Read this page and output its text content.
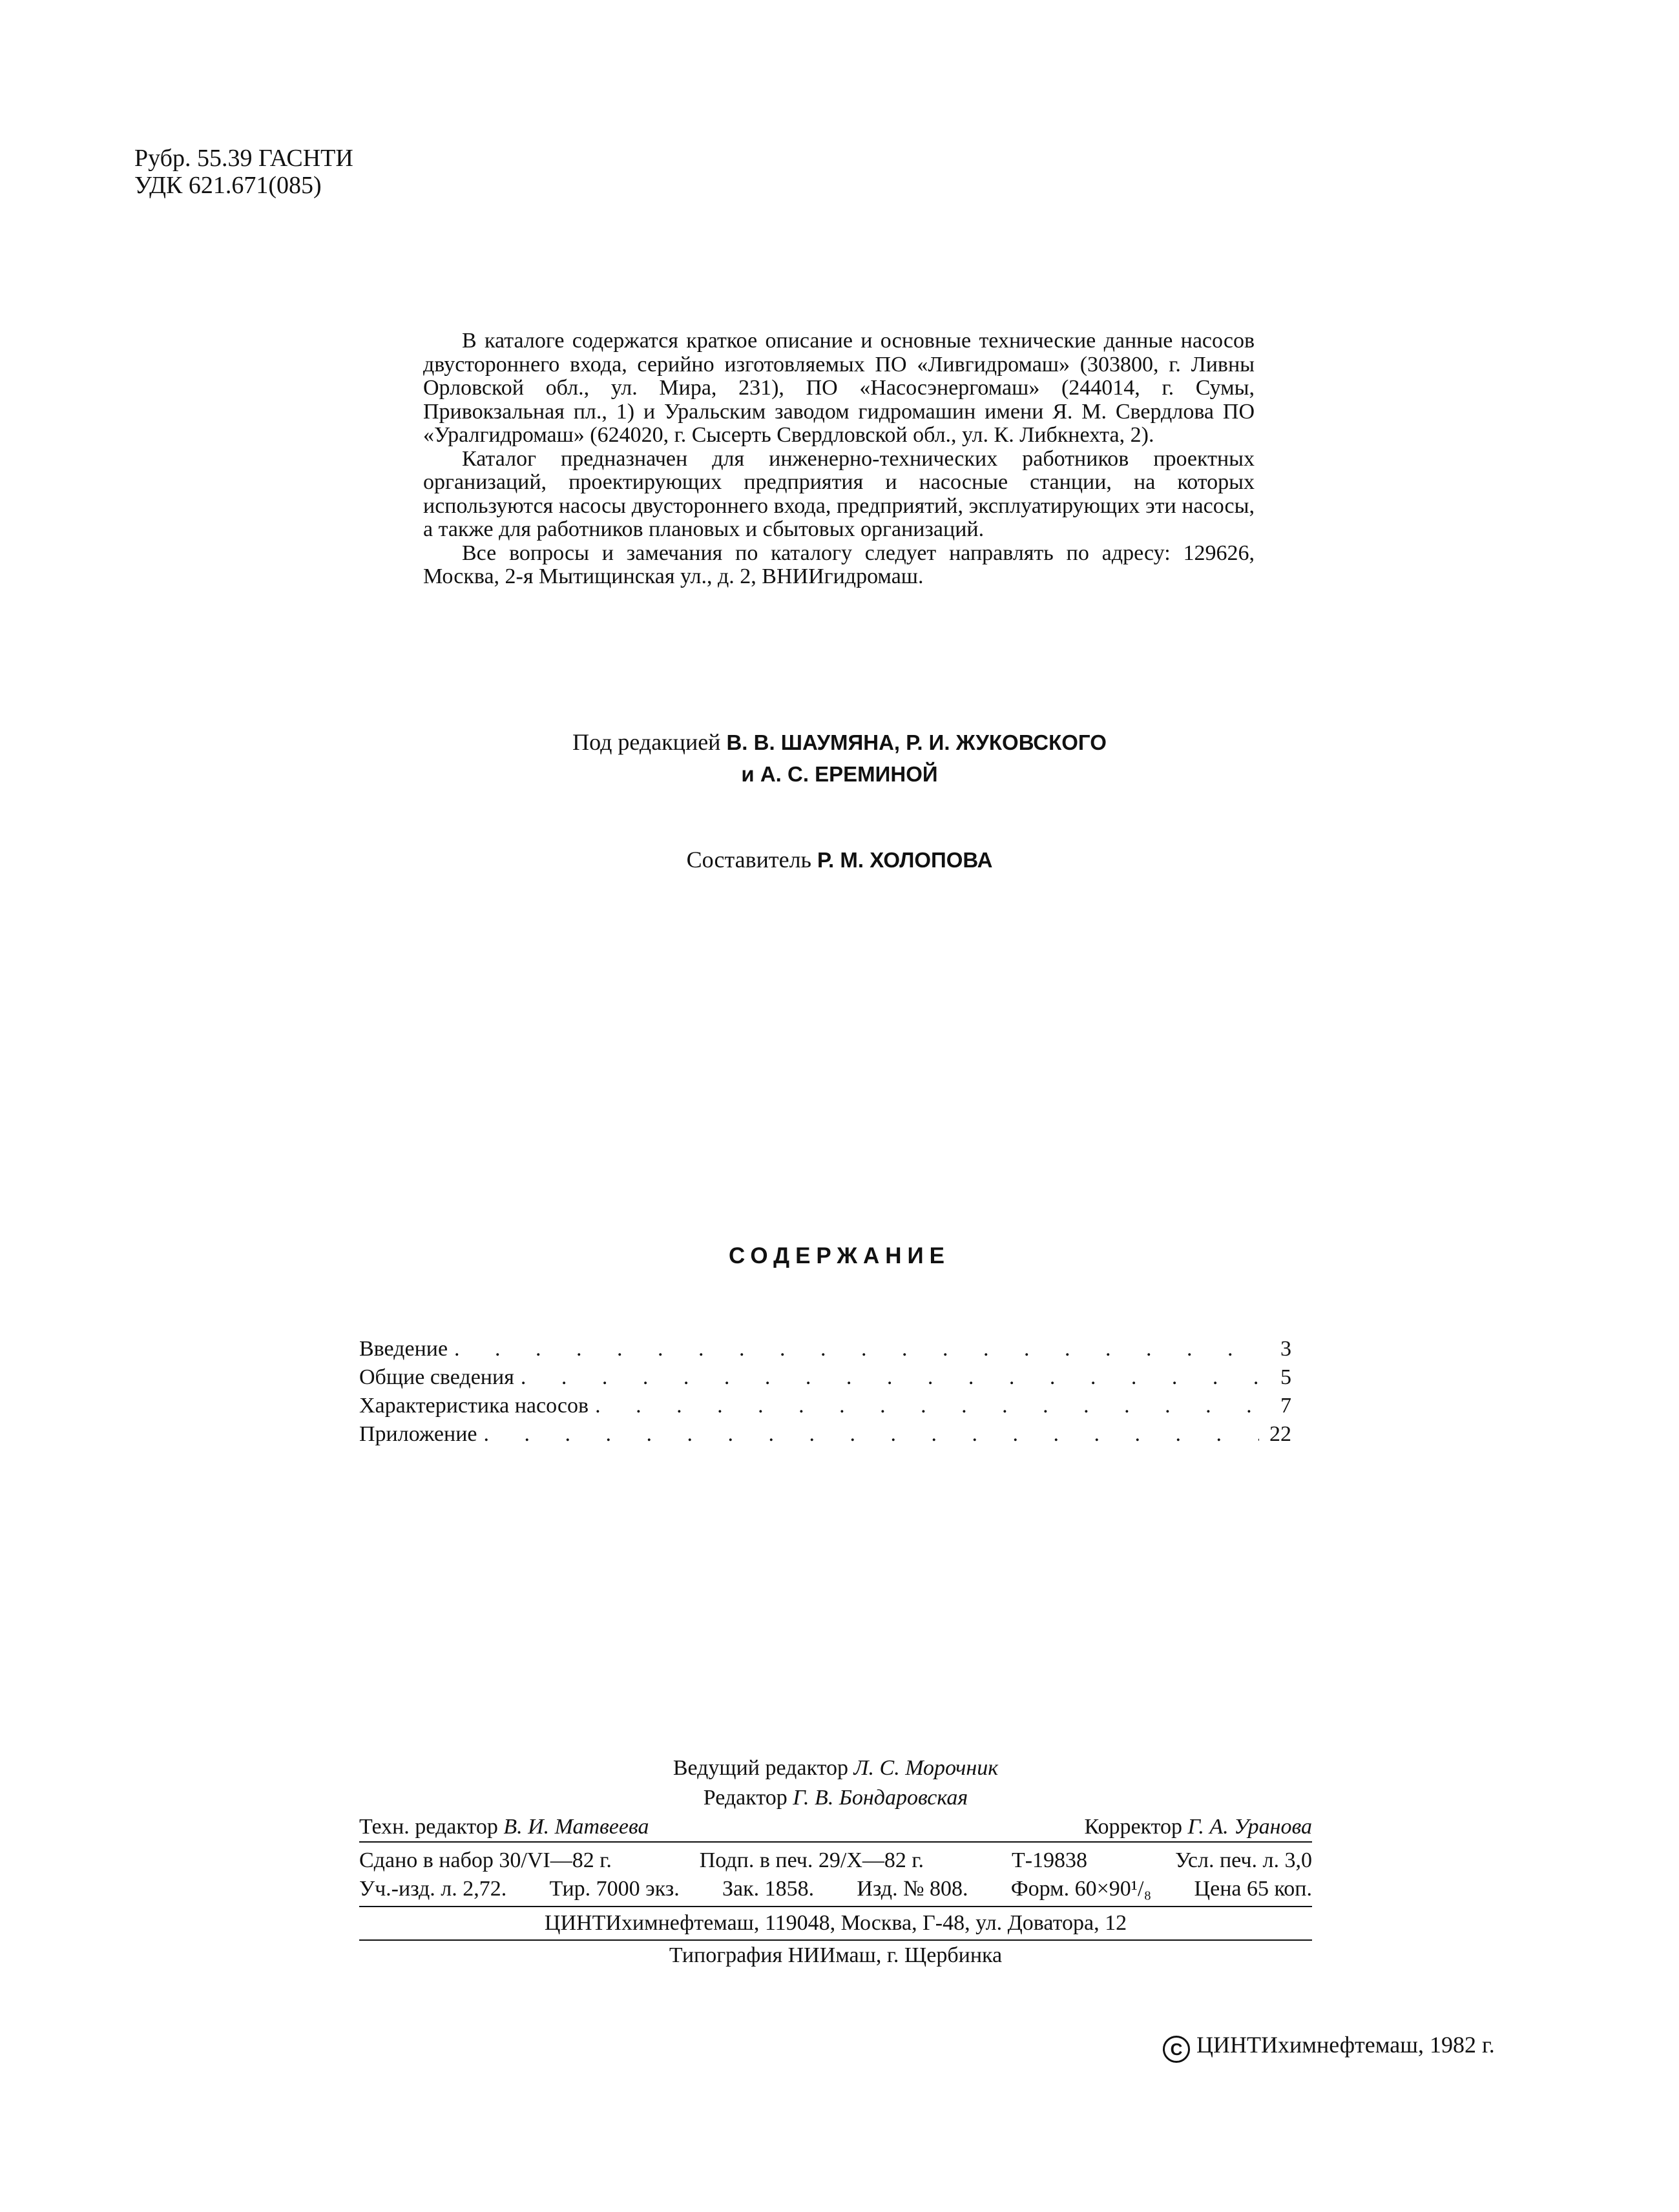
Рубр. 55.39 ГАСНТИ
УДК 621.671(085)

В каталоге содержатся краткое описание и основные технические данные насосов двустороннего входа, серийно изготовляемых ПО «Ливгидромаш» (303800, г. Ливны Орловской обл., ул. Мира, 231), ПО «Насосэнергомаш» (244014, г. Сумы, Привокзальная пл., 1) и Уральским заводом гидромашин имени Я. М. Свердлова ПО «Уралгидромаш» (624020, г. Сысерть Свердловской обл., ул. К. Либкнехта, 2).

Каталог предназначен для инженерно-технических работников проектных организаций, проектирующих предприятия и насосные станции, на которых используются насосы двустороннего входа, предприятий, эксплуатирующих эти насосы, а также для работников плановых и сбытовых организаций.

Все вопросы и замечания по каталогу следует направлять по адресу: 129626, Москва, 2-я Мытищинская ул., д. 2, ВНИИгидромаш.

Под редакцией В. В. ШАУМЯНА, Р. И. ЖУКОВСКОГО
и А. С. ЕРЕМИНОЙ
Составитель Р. М. ХОЛОПОВА
СОДЕРЖАНИЕ
Введение . . .	3
Общие сведения . . .	5
Характеристика насосов . . .	7
Приложение . . .	22
Ведущий редактор Л. С. Морочник
Редактор Г. В. Бондаровская
Техн. редактор В. И. Матвеева	Корректор Г. А. Уранова
Сдано в набор 30/VI—82 г.	Подп. в печ. 29/X—82 г.	Т-19838	Усл. печ. л. 3,0
Уч.-изд. л. 2,72. Тир. 7000 экз. Зак. 1858. Изд. № 808. Форм. 60×90¹/₈ Цена 65 коп.
ЦИНТИхимнефтемаш, 119048, Москва, Г-48, ул. Доватора, 12
Типография НИИмаш, г. Щербинка
C ЦИНТИхимнефтемаш, 1982 г.
